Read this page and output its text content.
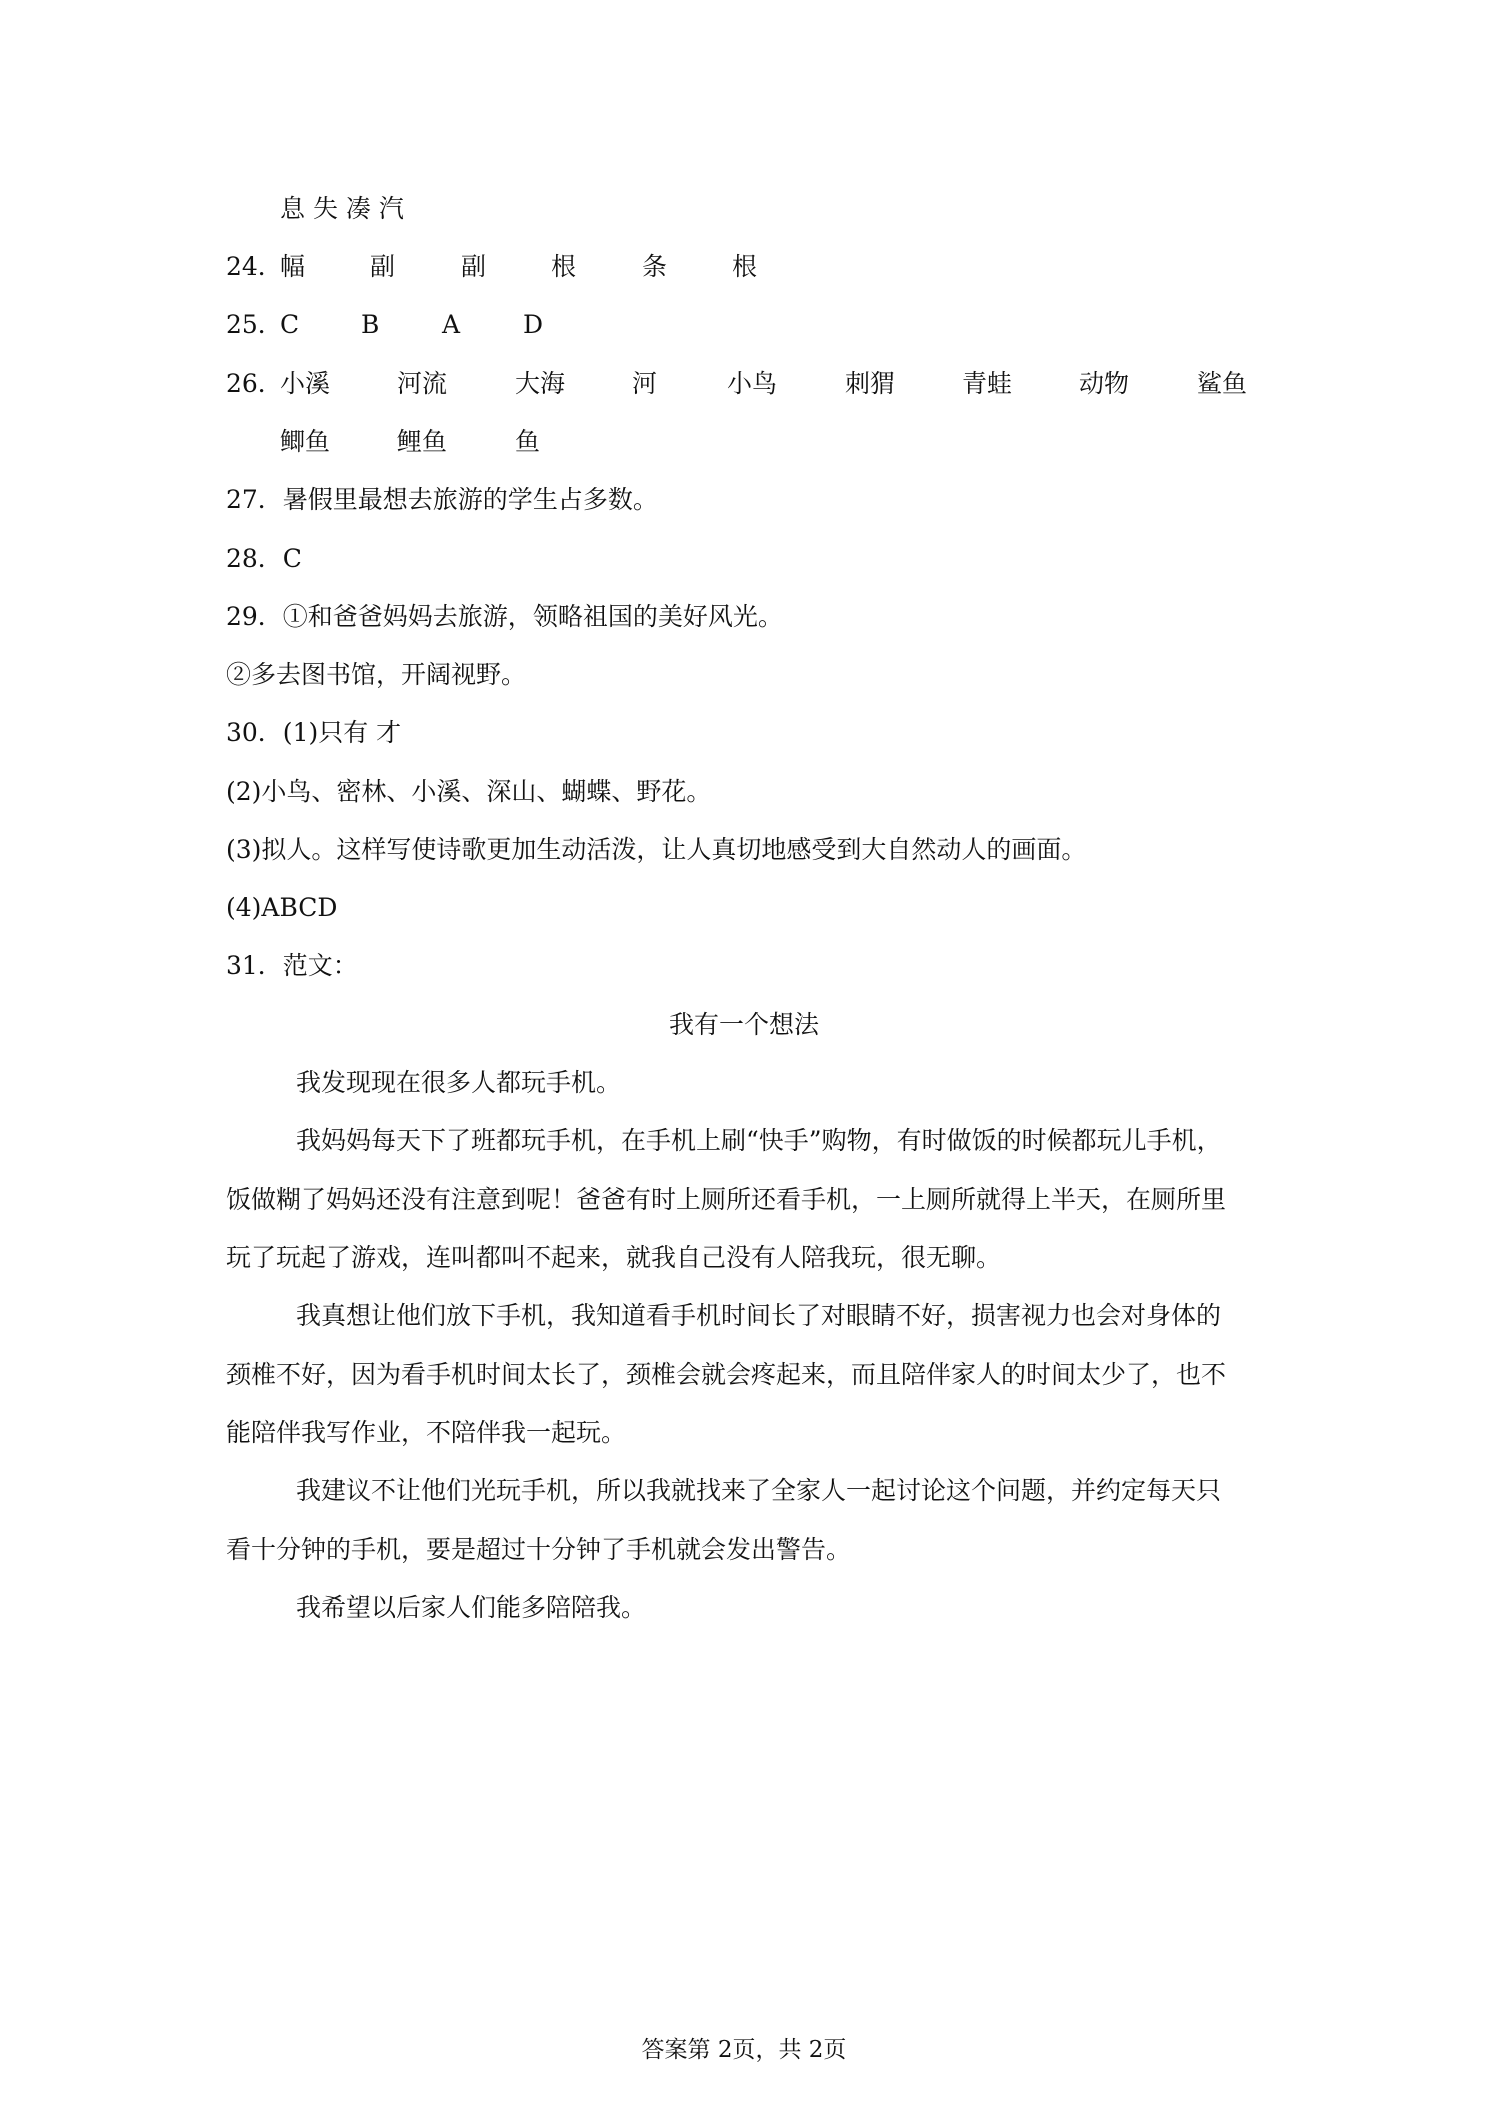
息 失 凑 汽
24．
幅	副	副	根	条	根
25．
C B	A	D
26．
小溪	河流	大海	河	小鸟	刺猬	青蛙	动物	鲨鱼
鲫鱼	鲤鱼	鱼
27．暑假里最想去旅游的学生占多数。
28．C
29．①和爸爸妈妈去旅游，领略祖国的美好风光。
②多去图书馆，开阔视野。
30．(1)只有 才
(2)小鸟、密林、小溪、深山、蝴蝶、野花。
(3)拟人。这样写使诗歌更加生动活泼，让人真切地感受到大自然动人的画面。
(4)ABCD
31．范文：
我有一个想法
我发现现在很多人都玩手机。
我妈妈每天下了班都玩手机，在手机上刷“快手”购物，有时做饭的时候都玩儿手机，
饭做糊了妈妈还没有注意到呢！爸爸有时上厕所还看手机，一上厕所就得上半天，在厕所里
玩了玩起了游戏，连叫都叫不起来，就我自己没有人陪我玩，很无聊。
我真想让他们放下手机，我知道看手机时间长了对眼睛不好，损害视力也会对身体的
颈椎不好，因为看手机时间太长了，颈椎会就会疼起来，而且陪伴家人的时间太少了，也不
能陪伴我写作业，不陪伴我一起玩。
我建议不让他们光玩手机，所以我就找来了全家人一起讨论这个问题，并约定每天只
看十分钟的手机，要是超过十分钟了手机就会发出警告。
我希望以后家人们能多陪陪我。
答案第 2页，共 2页
